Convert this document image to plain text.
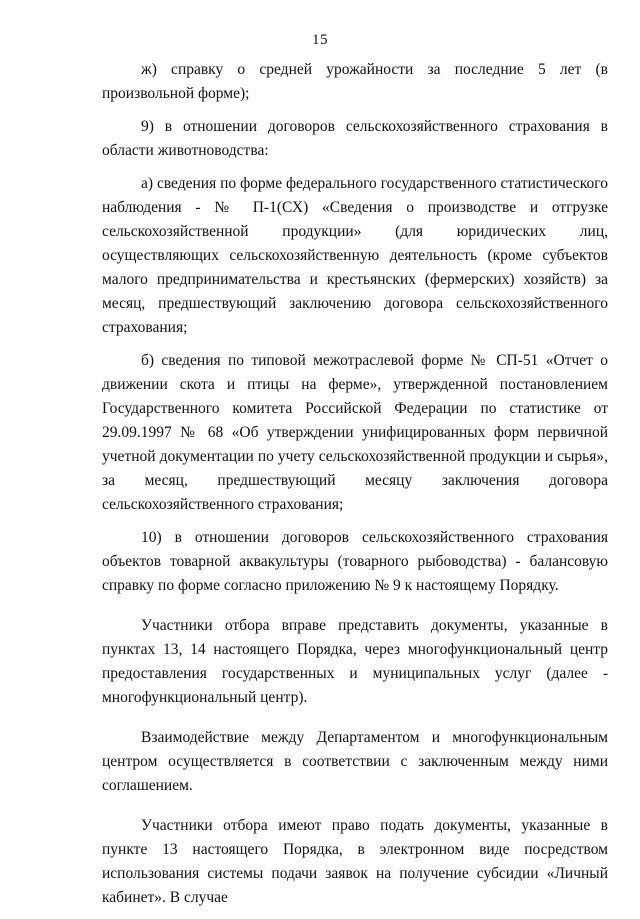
15

ж) справку о средней урожайности за последние 5 лет (в произвольной форме);

9) в отношении договоров сельскохозяйственного страхования в области животноводства:

а) сведения по форме федерального государственного статистического наблюдения - № П-1(СХ) «Сведения о производстве и отгрузке сельскохозяйственной продукции» (для юридических лиц, осуществляющих сельскохозяйственную деятельность (кроме субъектов малого предпринимательства и крестьянских (фермерских) хозяйств) за месяц, предшествующий заключению договора сельскохозяйственного страхования;

б) сведения по типовой межотраслевой форме № СП-51 «Отчет о движении скота и птицы на ферме», утвержденной постановлением Государственного комитета Российской Федерации по статистике от 29.09.1997 № 68 «Об утверждении унифицированных форм первичной учетной документации по учету сельскохозяйственной продукции и сырья», за месяц, предшествующий месяцу заключения договора сельскохозяйственного страхования;

10) в отношении договоров сельскохозяйственного страхования объектов товарной аквакультуры (товарного рыбоводства) - балансовую справку по форме согласно приложению № 9 к настоящему Порядку.

Участники отбора вправе представить документы, указанные в пунктах 13, 14 настоящего Порядка, через многофункциональный центр предоставления государственных и муниципальных услуг (далее - многофункциональный центр).

Взаимодействие между Департаментом и многофункциональным центром осуществляется в соответствии с заключенным между ними соглашением.

Участники отбора имеют право подать документы, указанные в пункте 13 настоящего Порядка, в электронном виде посредством использования системы подачи заявок на получение субсидии «Личный кабинет». В случае
